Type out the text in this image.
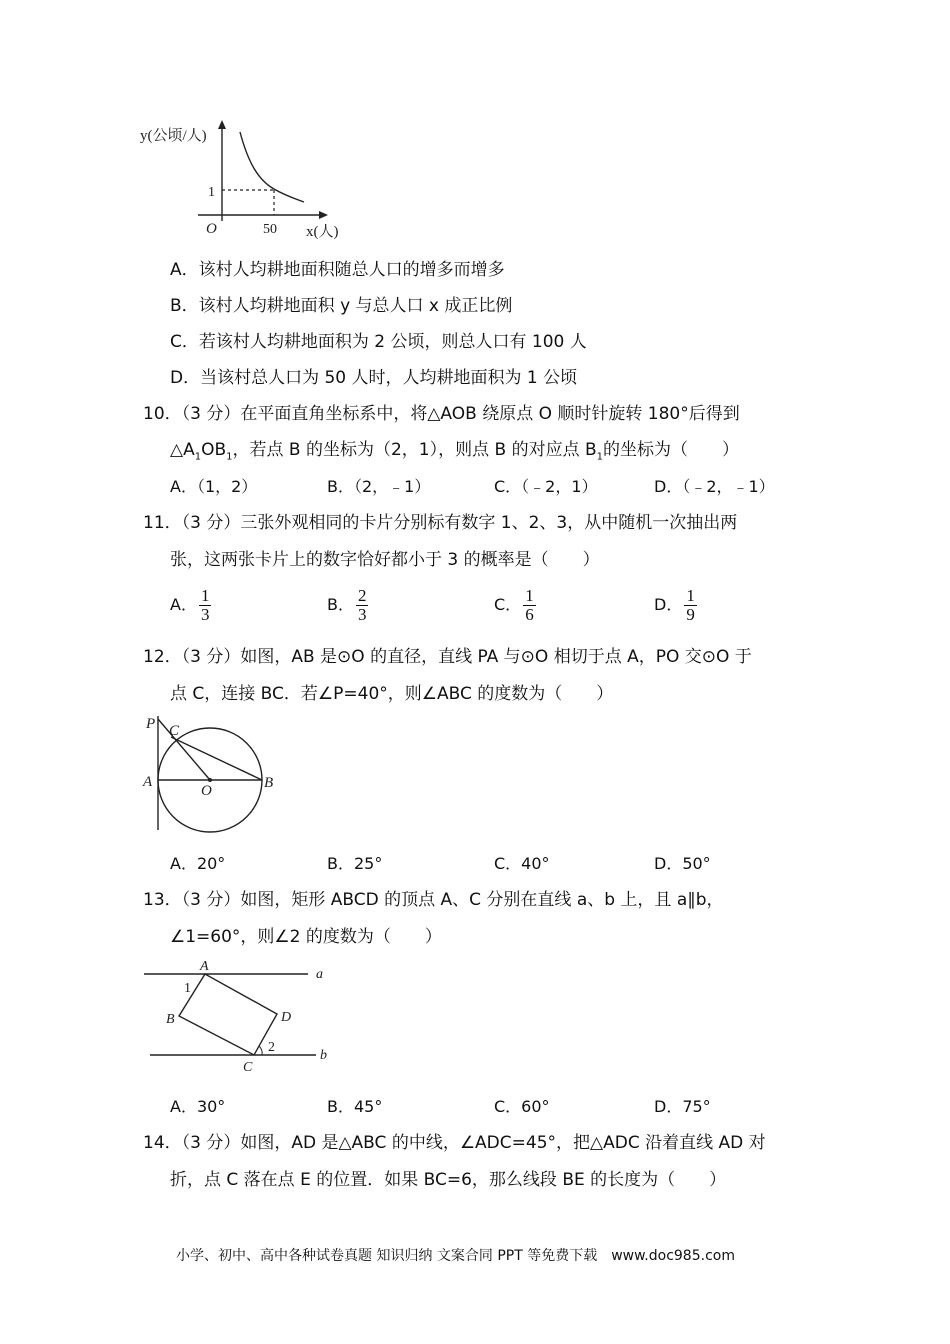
y(公顷/人)
1
O	50 x(人)
A．该村人均耕地面积随总人口的增多而增多
B．该村人均耕地面积 y 与总人口 x 成正比例
C．若该村人均耕地面积为 2 公顷，则总人口有 100 人
D．当该村总人口为 50 人时，人均耕地面积为 1 公顷
10．（3 分）在平面直角坐标系中，将△AOB 绕原点 O 顺时针旋转 180°后得到
$\triangle A_1OB_1$，若点 B 的坐标为（2，1），则点 B 的对应点 $B_1$的坐标为（　　）
A．（1，2）	B．（2，﹣1）	C．（﹣2，1）	D．（﹣2，﹣1）
11．（3 分）三张外观相同的卡片分别标有数字 1、2、3，从中随机一次抽出两
张，这两张卡片上的数字恰好都小于 3 的概率是（　　）
A． $\frac{1}{3}$	B． $\frac{2}{3}$	C． $\frac{1}{6}$	D． $\frac{1}{9}$
12．（3 分）如图，AB 是⊙O 的直径，直线 PA 与⊙O 相切于点 A，PO 交⊙O 于
点 C，连接 BC．若∠P=40°，则∠ABC 的度数为（　　）
P C
A
O	B
A．20°	B．25°	C．40°	D．50°
13．（3 分）如图，矩形 ABCD 的顶点 A、C 分别在直线 a、b 上，且 a∥b，
∠1=60°，则∠2 的度数为（　　）
A
1
B	D
2
C
a
b
A．30°	B．45°	C．60°	D．75°
14．（3 分）如图，AD 是△ABC 的中线，∠ADC=45°，把△ADC 沿着直线 AD 对
折，点 C 落在点 E 的位置．如果 BC=6，那么线段 BE 的长度为（　　）
小学、初中、高中各种试卷真题 知识归纳 文案合同 PPT 等免费下载　www.doc985.com
